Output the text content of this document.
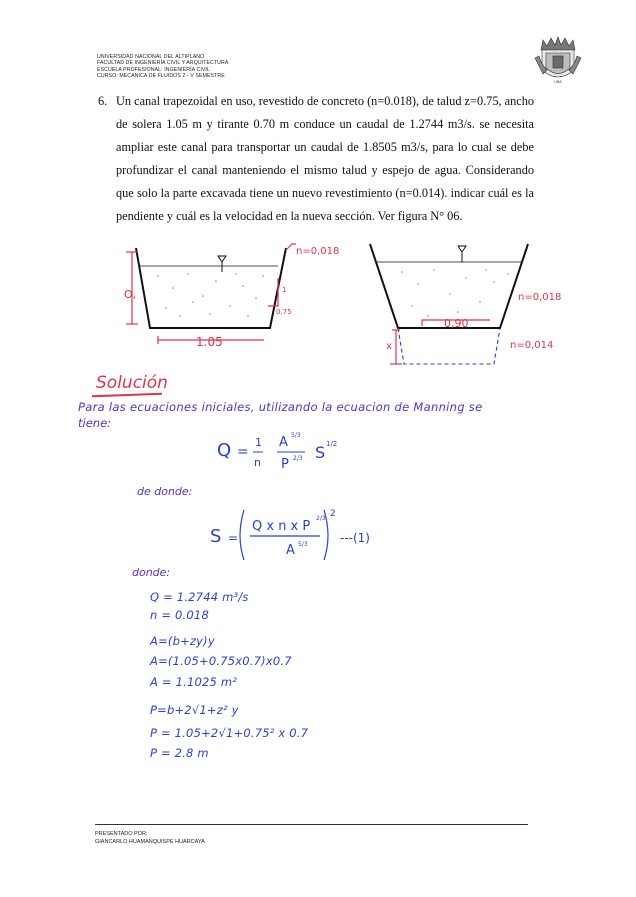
UNIVERSIDAD NACIONAL DEL ALTIPLANO
FACULTAD DE INGENIERÍA CIVIL Y ARQUITECTURA
ESCUELA PROFESIONAL: INGENIERÍA CIVIL
CURSO: MECANICA DE FLUIDOS 2 - V SEMESTRE
UNA
6. Un canal trapezoidal en uso, revestido de concreto (n=0.018), de talud z=0.75, ancho de solera 1.05 m y tirante 0.70 m conduce un caudal de 1.2744 m3/s. se necesita ampliar este canal para transportar un caudal de 1.8505 m3/s, para lo cual se debe profundizar el canal manteniendo el mismo talud y espejo de agua. Considerando que solo la parte excavada tiene un nuevo revestimiento (n=0.014). indicar cuál es la pendiente y cuál es la velocidad en la nueva sección. Ver figura N° 06.
n=0,018
O,	1
0,75
1.05
n=0,018
0,90
x	n=0,014
Solución
Para las ecuaciones iniciales, utilizando la ecuacion de Manning se
tiene:
Q =
1
n
A 5/3
P 2/3 S 1/2
de donde:
S =
Q x n x P
2/3
A 5/3
2
---(1)
donde:
Q = 1.2744 m³/s
n = 0.018
A=(b+zy)y
A=(1.05+0.75x0.7)x0.7
A = 1.1025 m²
P=b+2√1+z² y
P = 1.05+2√1+0.75² x 0.7
P = 2.8 m
PRESENTADO POR:
GIANCARLO HUAMANQUISPE HUARCAYA
